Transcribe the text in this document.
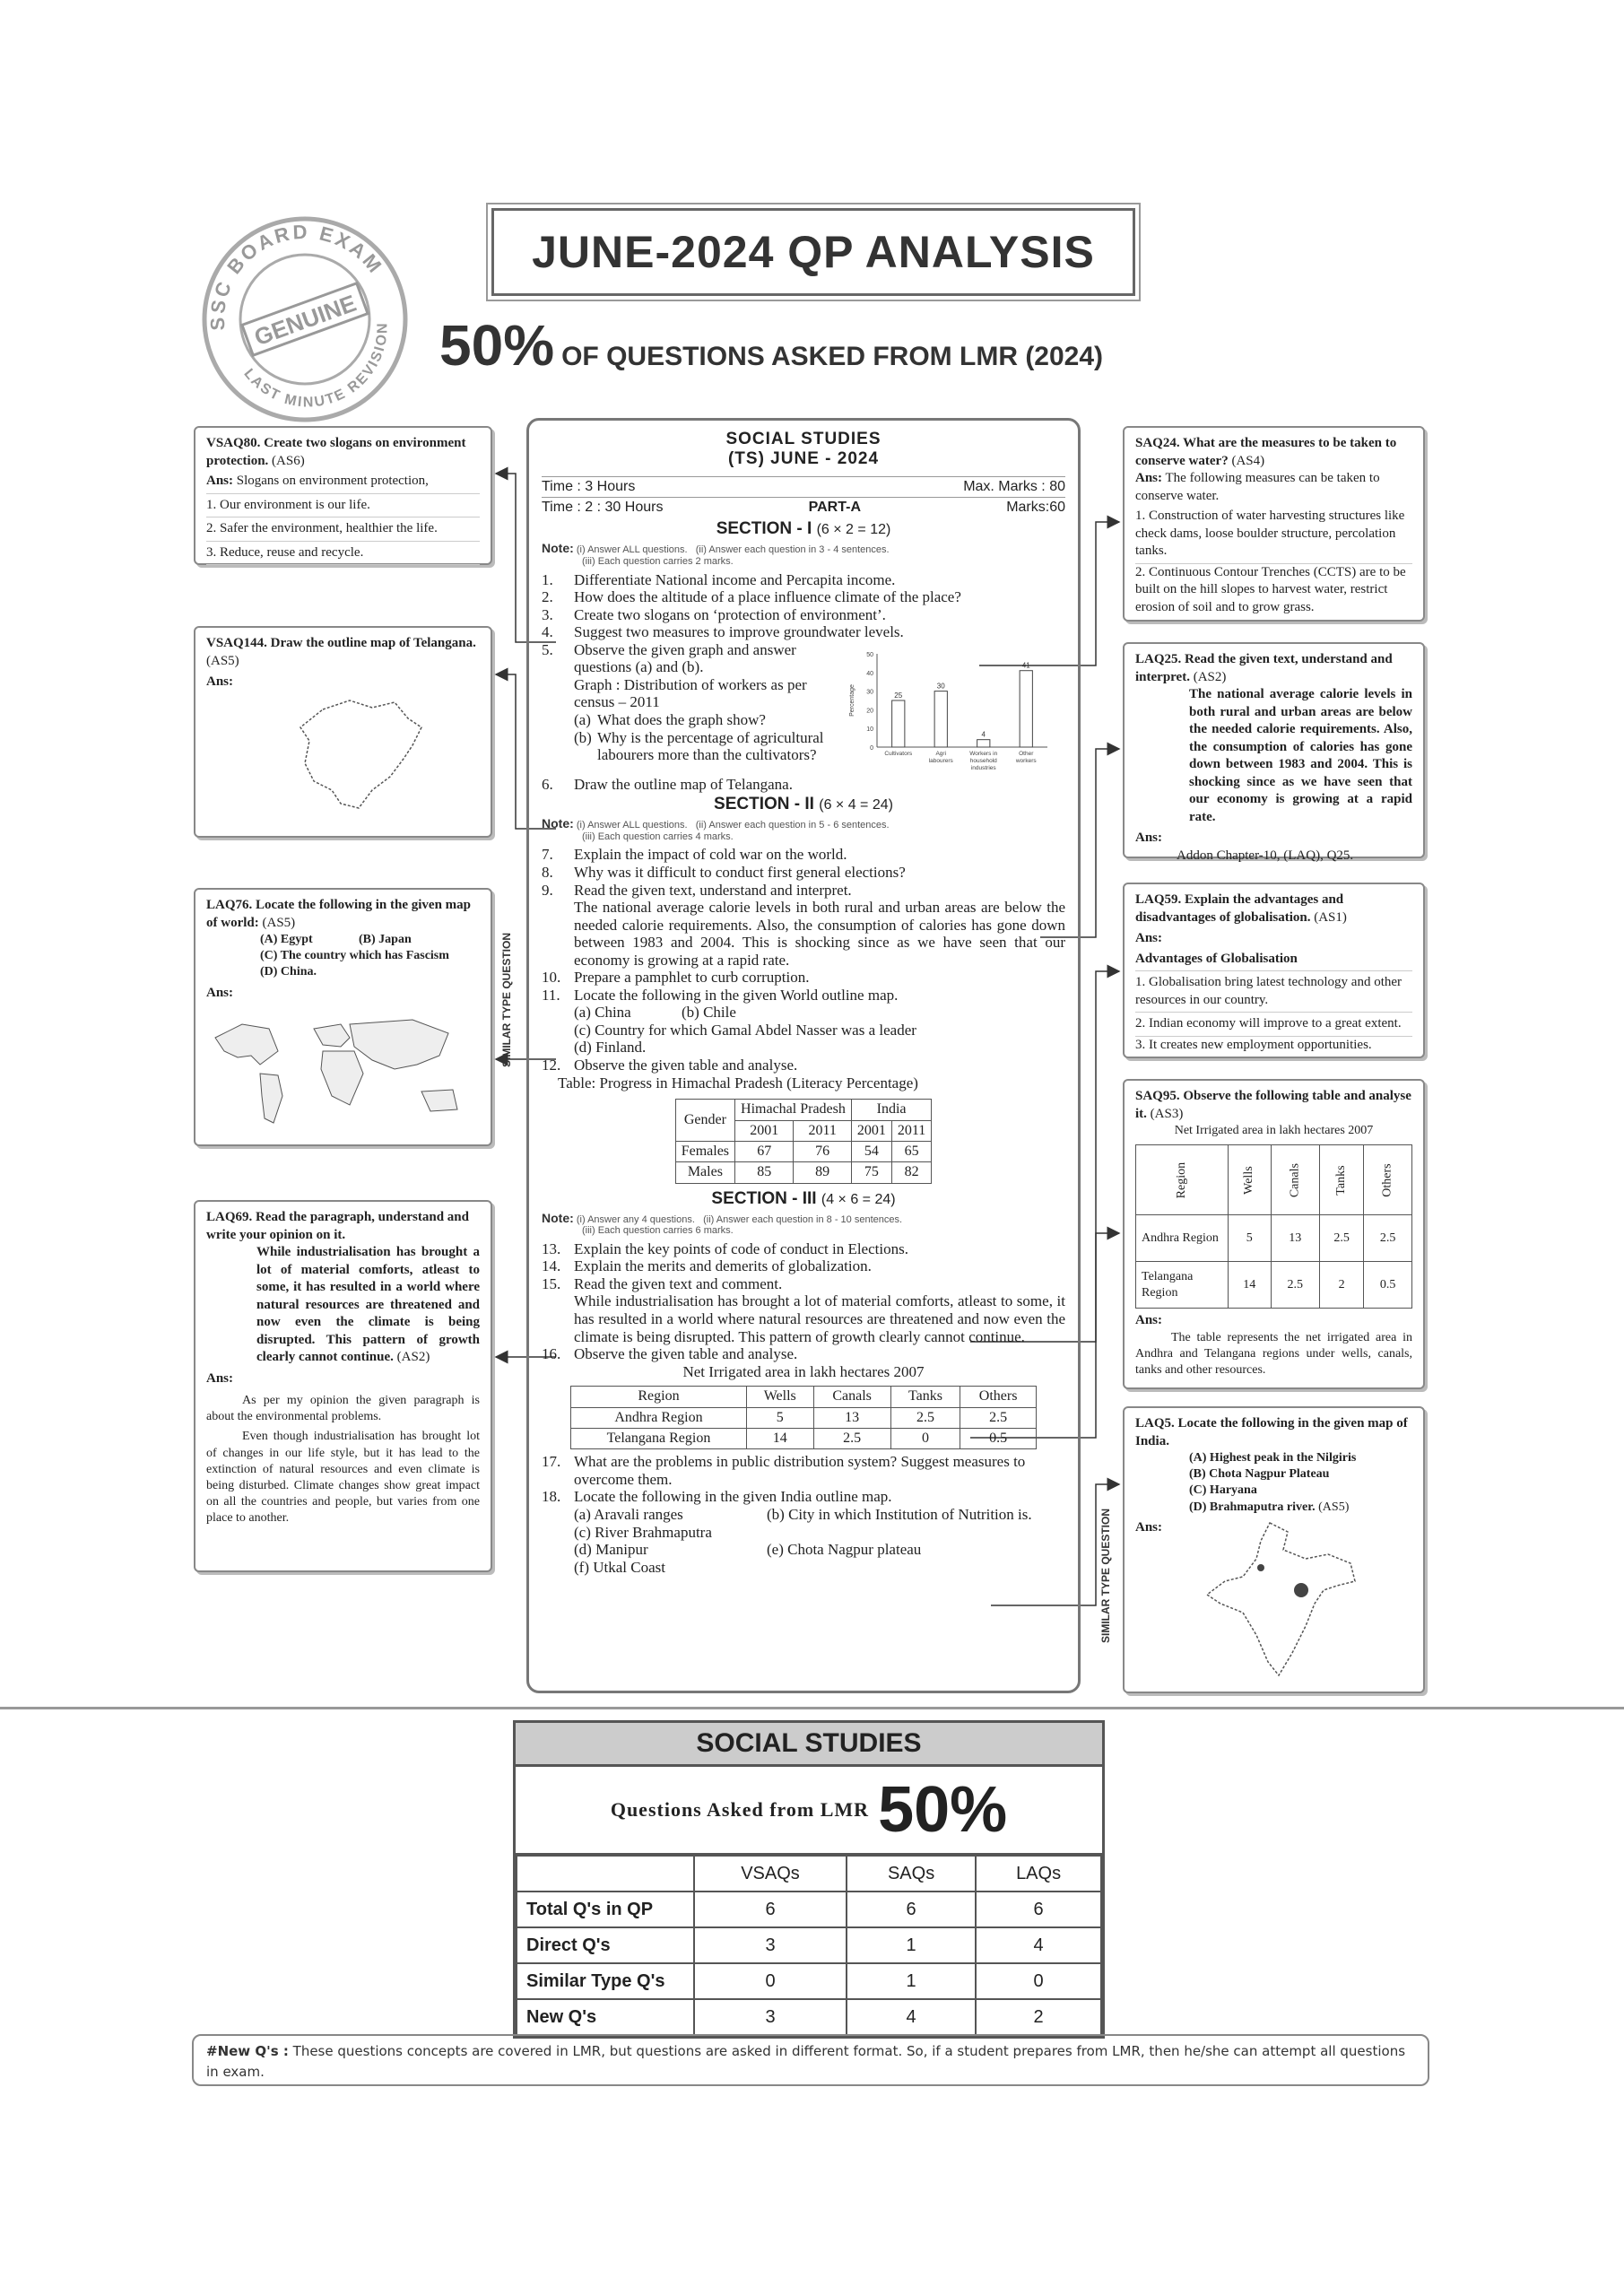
SSC BOARD EXAM
LAST MINUTE REVISION
GENUINE
JUNE-2024 QP ANALYSIS
50% OF QUESTIONS ASKED FROM LMR (2024)
VSAQ80. Create two slogans on environment protection. (AS6)
Ans: Slogans on environment protection,
1. Our environment is our life.
2. Safer the environment, healthier the life.
3. Reduce, reuse and recycle.
VSAQ144. Draw the outline map of Telangana. (AS5)
Ans:
LAQ76. Locate the following in the given map of world: (AS5)
(A) Egypt	(B) Japan
(C) The country which has Fascism
(D) China.
Ans:
LAQ69. Read the paragraph, understand and write your opinion on it.
While industrialisation has brought a lot of material comforts, atleast to some, it has resulted in a world where natural resources are threatened and now even the climate is being disrupted. This pattern of growth clearly cannot continue. (AS2)
Ans:
As per my opinion the given paragraph is about the environmental problems.
Even though industrialisation has brought lot of changes in our life style, but it has lead to the extinction of natural resources and even climate is being disturbed. Climate changes show great impact on all the countries and people, but varies from one place to another.
SIMILAR TYPE QUESTION
SAQ24. What are the measures to be taken to conserve water? (AS4)
Ans: The following measures can be taken to conserve water.
1. Construction of water harvesting structures like check dams, loose boulder structure, percolation tanks.
2. Continuous Contour Trenches (CCTS) are to be built on the hill slopes to harvest water, restrict erosion of soil and to grow grass.
LAQ25. Read the given text, understand and interpret. (AS2)
The national average calorie levels in both rural and urban areas are below the needed calorie requirements. Also, the consumption of calories has gone down between 1983 and 2004. This is shocking since as we have seen that our economy is growing at a rapid rate.
Ans:
Addon Chapter-10, (LAQ), Q25.
LAQ59. Explain the advantages and disadvantages of globalisation. (AS1)
Ans:
Advantages of Globalisation
1. Globalisation bring latest technology and other resources in our country.
2. Indian economy will improve to a great extent.
3. It creates new employment opportunities.
SAQ95. Observe the following table and analyse it. (AS3)
Net Irrigated area in lakh hectares 2007
Region	Wells	Canals	Tanks	Others

Andhra Region	5	13	2.5	2.5
Telangana Region	14	2.5	2	0.5
Ans:
The table represents the net irrigated area in Andhra and Telangana regions under wells, canals, tanks and other resources.
LAQ5. Locate the following in the given map of India.
(A) Highest peak in the Nilgiris
(B) Chota Nagpur Plateau
(C) Haryana
(D) Brahmaputra river. (AS5)
Ans:
SIMILAR TYPE QUESTION
SOCIAL STUDIES
(TS) JUNE - 2024
Time : 3 Hours	Max. Marks : 80
Time : 2 : 30 Hours	PART-A	Marks:60
SECTION - I (6 × 2 = 12)
Note: (i) Answer ALL questions. (ii) Answer each question in 3 - 4 sentences.
(iii) Each question carries 2 marks.
1.	Differentiate National income and Percapita income.
2.	How does the altitude of a place influence climate of the place?
3.	Create two slogans on ‘protection of environment’.
4.	Suggest two measures to improve groundwater levels.
5.	Observe the given graph and answer questions (a) and (b).
Graph : Distribution of workers as per census – 2011
(a) What does the graph show?
(b) Why is the percentage of agricultural labourers more than the cultivators?	0
10
20
30
40
50
Percentage	25
Cultivators
30
Agri
labourers
4
Workers in
household
industries
41
Other
workers
6.	Draw the outline map of Telangana.
SECTION - II (6 × 4 = 24)
Note: (i) Answer ALL questions. (ii) Answer each question in 5 - 6 sentences.
(iii) Each question carries 4 marks.
7.	Explain the impact of cold war on the world.
8.	Why was it difficult to conduct first general elections?
9.	Read the given text, understand and interpret.
The national average calorie levels in both rural and urban areas are below the needed calorie requirements. Also, the consumption of calories has gone down between 1983 and 2004. This is shocking since as we have seen that our economy is growing at a rapid rate.
10. Prepare a pamphlet to curb corruption.
11. Locate the following in the given World outline map.
(a) China	(b) Chile
(c) Country for which Gamal Abdel Nasser was a leader
(d) Finland.
12. Observe the given table and analyse.
Table: Progress in Himachal Pradesh (Literacy Percentage)
Gender	Himachal Pradesh		India	
	2001	2011	2001	2011
Females	67	76	54	65
Males	85	89	75	82
SECTION - III (4 × 6 = 24)
Note: (i) Answer any 4 questions. (ii) Answer each question in 8 - 10 sentences.
(iii) Each question carries 6 marks.
13. Explain the key points of code of conduct in Elections.
14. Explain the merits and demerits of globalization.
15. Read the given text and comment.
While industrialisation has brought a lot of material comforts, atleast to some, it has resulted in a world where natural resources are threatened and now even the climate is being disrupted. This pattern of growth clearly cannot continue.
16. Observe the given table and analyse.
Net Irrigated area in lakh hectares 2007
Region	Wells	Canals	Tanks	Others
Andhra Region	5	13	2.5	2.5
Telangana Region	14	2.5	0	0.5
17. What are the problems in public distribution system? Suggest measures to overcome them.
18. Locate the following in the given India outline map.
(a) Aravali ranges	(b) City in which Institution of Nutrition is.
(c) River Brahmaputra
(d) Manipur	(e) Chota Nagpur plateau
(f) Utkal Coast
SOCIAL STUDIES
Questions Asked from LMR 50%
	VSAQs	SAQs	LAQs
Total Q's in QP	6	6	6
Direct Q's	3	1	4
Similar Type Q's	0	1	0
New Q's	3	4	2
#New Q's : These questions concepts are covered in LMR, but questions are asked in different format. So, if a student prepares from LMR, then he/she can attempt all questions in exam.
